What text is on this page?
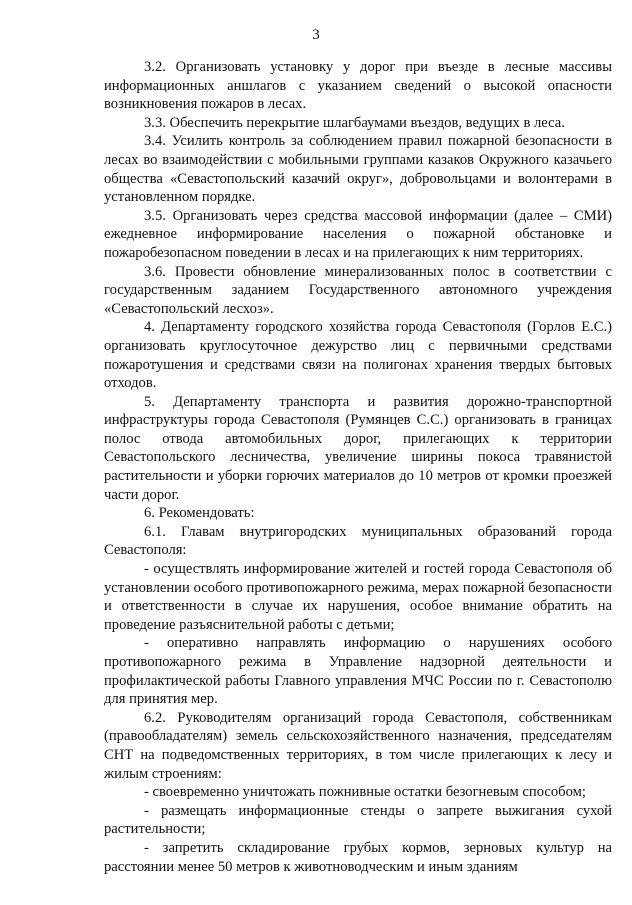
3

3.2. Организовать установку у дорог при въезде в лесные массивы информационных аншлагов с указанием сведений о высокой опасности возникновения пожаров в лесах.

3.3. Обеспечить перекрытие шлагбаумами въездов, ведущих в леса.

3.4. Усилить контроль за соблюдением правил пожарной безопасности в лесах во взаимодействии с мобильными группами казаков Окружного казачьего общества «Севастопольский казачий округ», добровольцами и волонтерами в установленном порядке.

3.5. Организовать через средства массовой информации (далее – СМИ) ежедневное информирование населения о пожарной обстановке и пожаробезопасном поведении в лесах и на прилегающих к ним территориях.

3.6. Провести обновление минерализованных полос в соответствии с государственным заданием Государственного автономного учреждения «Севастопольский лесхоз».

4. Департаменту городского хозяйства города Севастополя (Горлов Е.С.) организовать круглосуточное дежурство лиц с первичными средствами пожаротушения и средствами связи на полигонах хранения твердых бытовых отходов.

5. Департаменту транспорта и развития дорожно-транспортной инфраструктуры города Севастополя (Румянцев С.С.) организовать в границах полос отвода автомобильных дорог, прилегающих к территории Севастопольского лесничества, увеличение ширины покоса травянистой растительности и уборки горючих материалов до 10 метров от кромки проезжей части дорог.

6. Рекомендовать:

6.1. Главам внутригородских муниципальных образований города Севастополя:

- осуществлять информирование жителей и гостей города Севастополя об установлении особого противопожарного режима, мерах пожарной безопасности и ответственности в случае их нарушения, особое внимание обратить на проведение разъяснительной работы с детьми;

- оперативно направлять информацию о нарушениях особого противопожарного режима в Управление надзорной деятельности и профилактической работы Главного управления МЧС России по г. Севастополю для принятия мер.

6.2. Руководителям организаций города Севастополя, собственникам (правообладателям) земель сельскохозяйственного назначения, председателям СНТ на подведомственных территориях, в том числе прилегающих к лесу и жилым строениям:

- своевременно уничтожать пожнивные остатки безогневым способом;

- размещать информационные стенды о запрете выжигания сухой растительности;

- запретить складирование грубых кормов, зерновых культур на расстоянии менее 50 метров к животноводческим и иным зданиям
